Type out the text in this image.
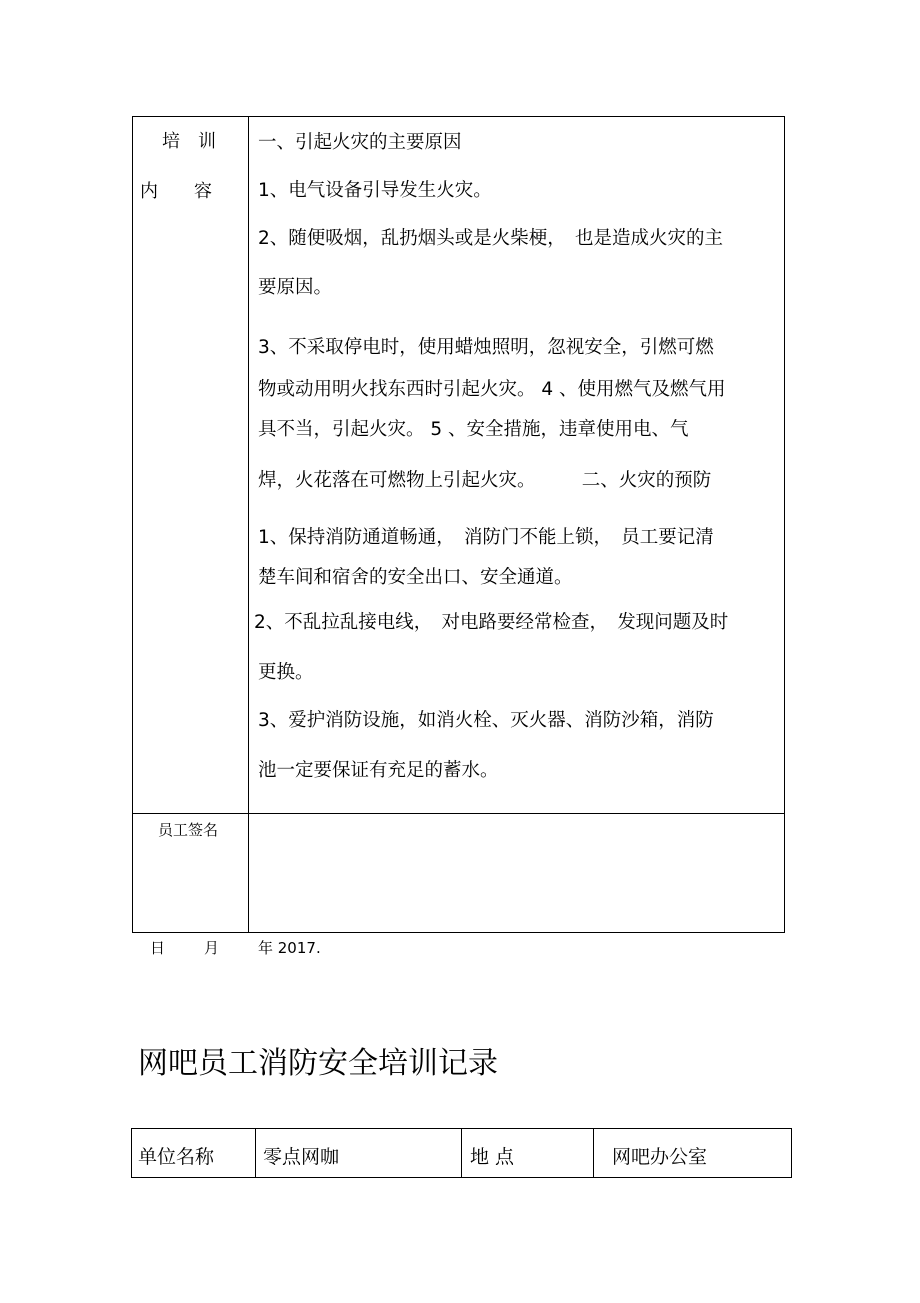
培　训
内　　容

一、引起火灾的主要原因

1、电气设备引导发生火灾。

2、随便吸烟，乱扔烟头或是火柴梗，　也是造成火灾的主

要原因。

3、不采取停电时，使用蜡烛照明，忽视安全，引燃可燃

物或动用明火找东西时引起火灾。 4 、使用燃气及燃气用

具不当，引起火灾。 5 、安全措施，违章使用电、气

焊，火花落在可燃物上引起火灾。　　　二、火灾的预防

1、保持消防通道畅通，　消防门不能上锁，　员工要记清

楚车间和宿舍的安全出口、安全通道。

2、不乱拉乱接电线，　对电路要经常检查，　发现问题及时

更换。

3、爱护消防设施，如消火栓、灭火器、消防沙箱，消防

池一定要保证有充足的蓄水。

员工签名
日	月	年 2017.
网吧员工消防安全培训记录
单位名称	零点网咖	地 点	网吧办公室
